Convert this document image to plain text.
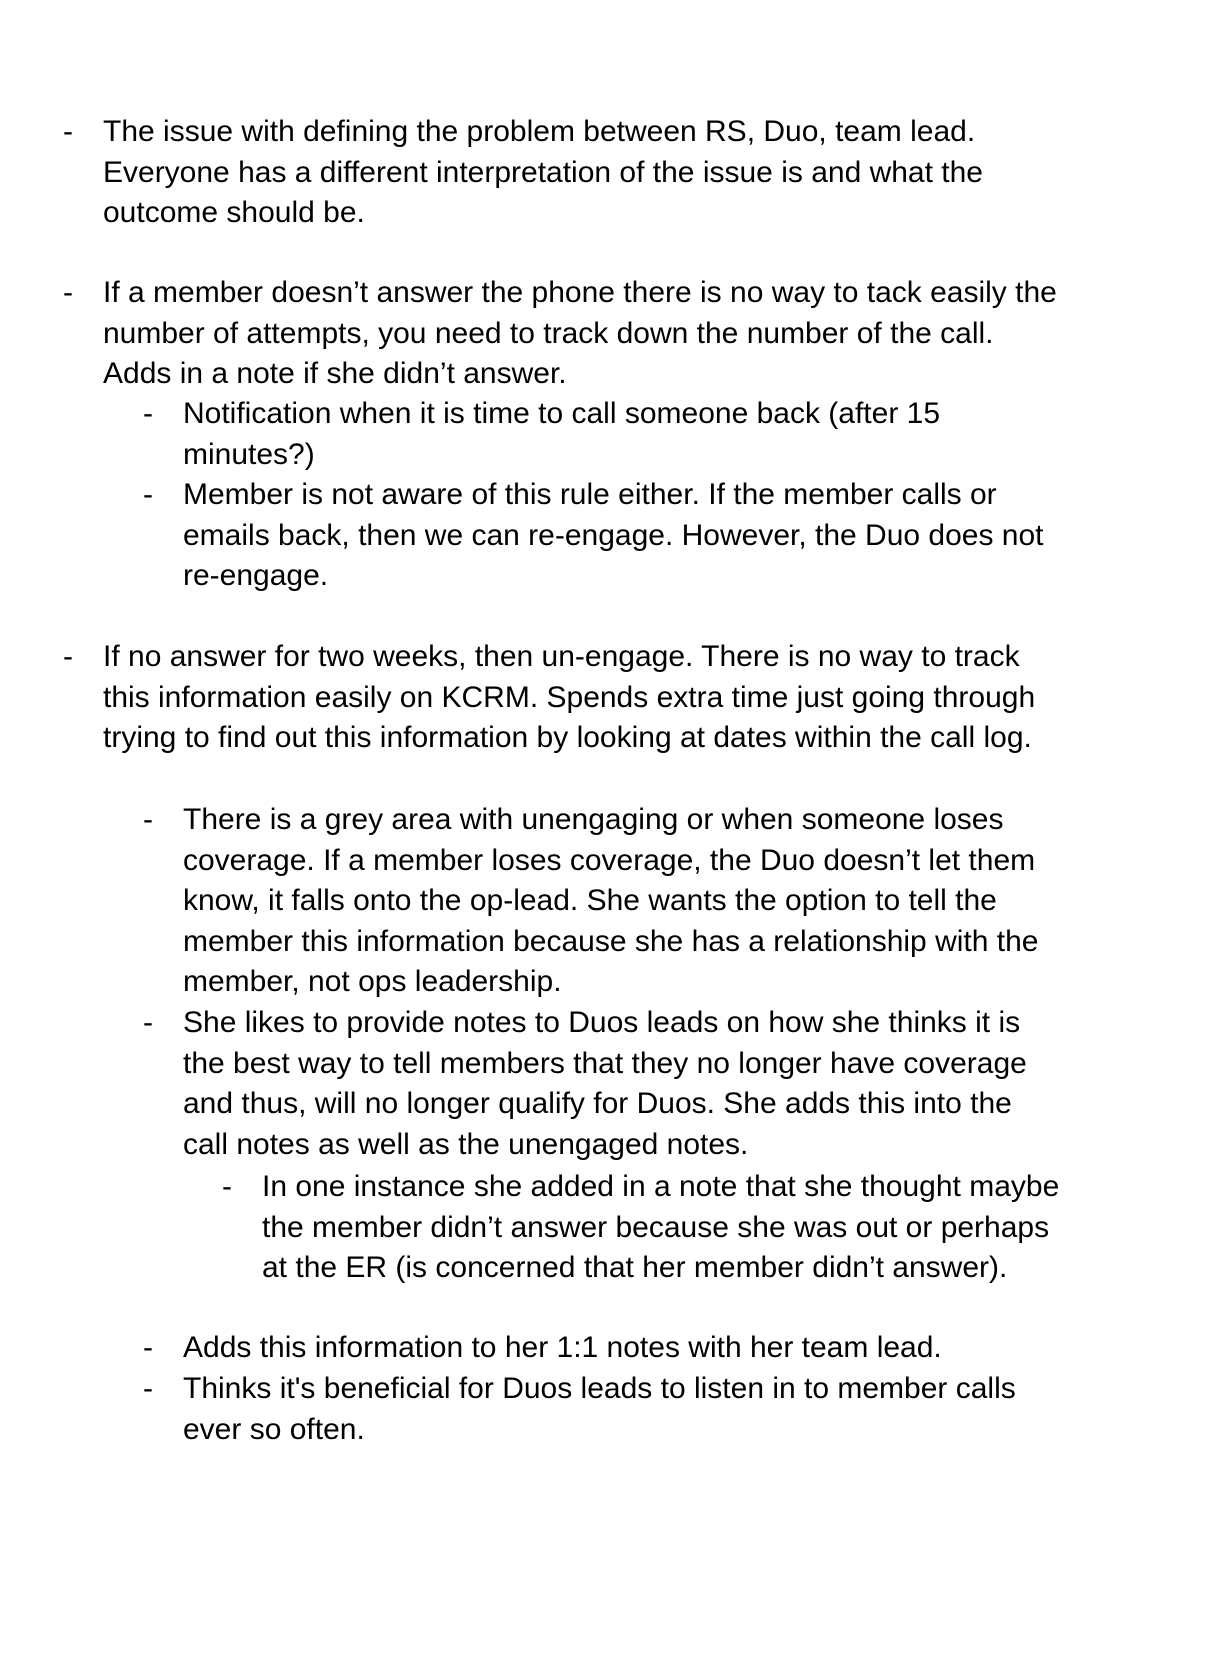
- The issue with defining the problem between RS, Duo, team lead. Everyone has a different interpretation of the issue is and what the outcome should be.
- If a member doesn’t answer the phone there is no way to tack easily the number of attempts, you need to track down the number of the call. Adds in a note if she didn’t answer.
- Notification when it is time to call someone back (after 15 minutes?)
- Member is not aware of this rule either. If the member calls or emails back, then we can re-engage. However, the Duo does not re-engage.
- If no answer for two weeks, then un-engage. There is no way to track this information easily on KCRM. Spends extra time just going through trying to find out this information by looking at dates within the call log.
- There is a grey area with unengaging or when someone loses coverage. If a member loses coverage, the Duo doesn’t let them know, it falls onto the op-lead. She wants the option to tell the member this information because she has a relationship with the member, not ops leadership.
- She likes to provide notes to Duos leads on how she thinks it is the best way to tell members that they no longer have coverage and thus, will no longer qualify for Duos. She adds this into the call notes as well as the unengaged notes.
- In one instance she added in a note that she thought maybe the member didn’t answer because she was out or perhaps at the ER (is concerned that her member didn’t answer).
- Adds this information to her 1:1 notes with her team lead.
- Thinks it's beneficial for Duos leads to listen in to member calls ever so often.
